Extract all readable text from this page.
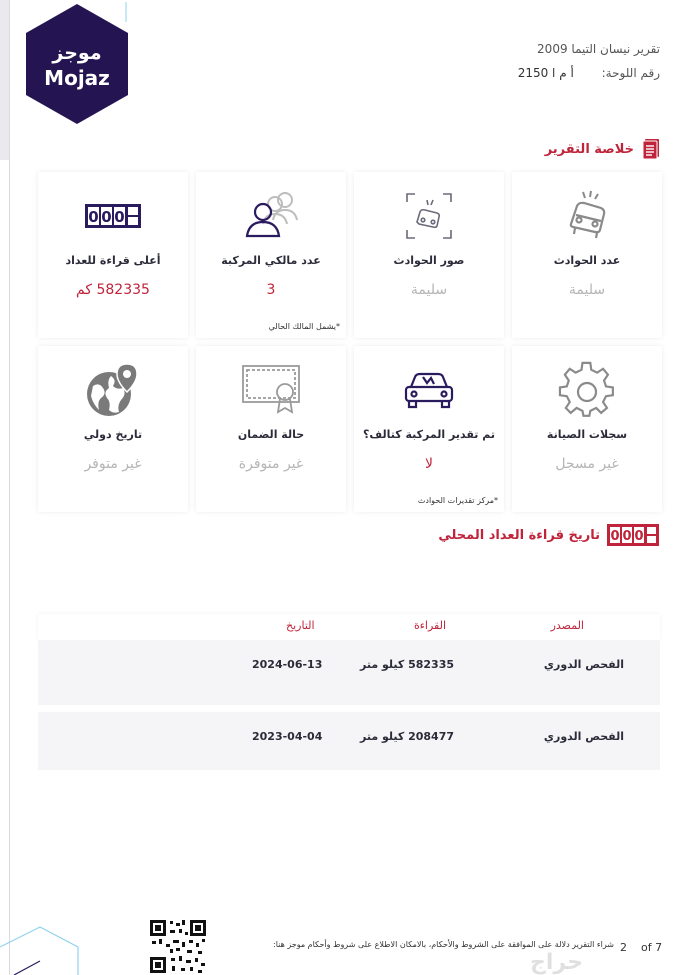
موجز
Mojaz
تقرير نيسان التيما 2009
رقم اللوحة: أ م ا 2150
خلاصة التقرير
عدد الحوادث
سليمة
صور الحوادث
سليمة
عدد مالكي المركبة
3
*يشمل المالك الحالي
0 0 0
أعلى قراءة للعداد
582335 كم
سجلات الصيانة
غير مسجل
تم تقدير المركبة كتالف؟
لا
*مركز تقديرات الحوادث
حالة الضمان
غير متوفرة
تاريخ دولي
غير متوفر
0 0 0
تاريخ قراءة العداد المحلي
المصدر
القراءة
التاريخ
الفحص الدوري
582335 كيلو متر
2024-06-13
الفحص الدوري
208477 كيلو متر
2023-04-04
شراء التقرير دلالة على الموافقة على الشروط والأحكام، بالامكان الاطلاع على شروط وأحكام موجز هنا: 2 of 7
حراج
